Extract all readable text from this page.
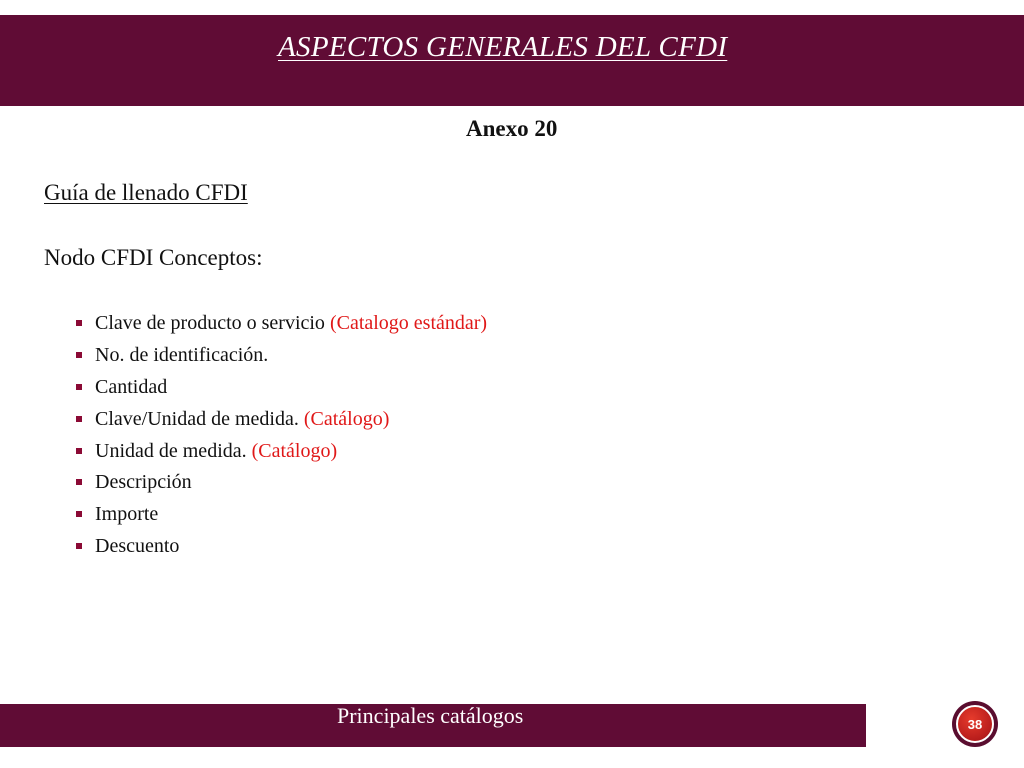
ASPECTOS GENERALES DEL CFDI
Anexo 20
Guía de llenado CFDI
Nodo CFDI Conceptos:
Clave de producto o servicio (Catalogo estándar)
No. de identificación.
Cantidad
Clave/Unidad de medida. (Catálogo)
Unidad de medida. (Catálogo)
Descripción
Importe
Descuento
Principales catálogos	38
